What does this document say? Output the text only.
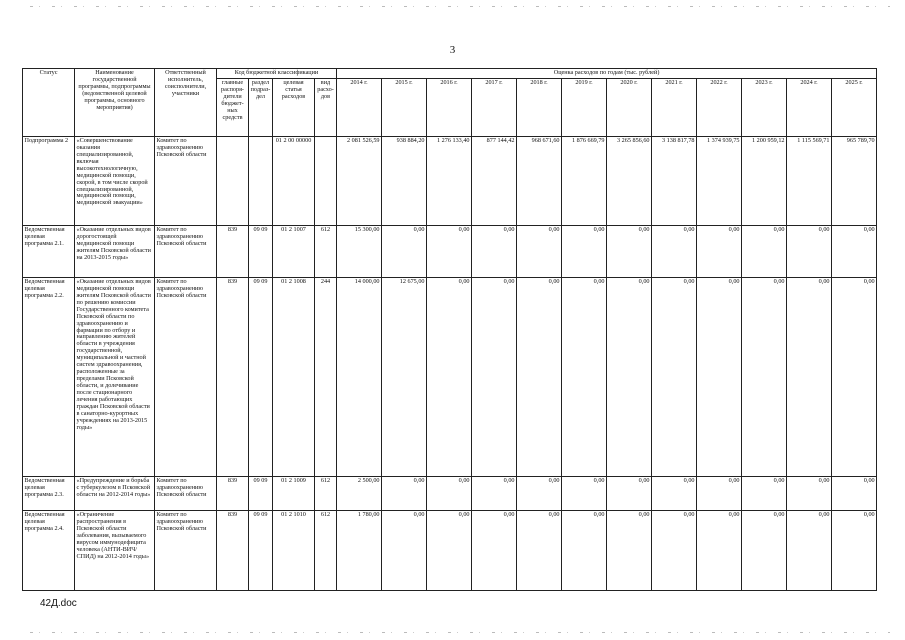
3
Статус	Наименование государственной программы, подпрограммы (ведомственной целевой программы, основного мероприятия)	Ответственный исполнитель, соисполнители, участники	Код бюджетной классификации				Оценка расходов по годам (тыс. рублей)											
			главные распоря-дители бюджет-ных средств	раздел подраз-дел	целевая статья расходов	вид расхо-дов	2014 г.	2015 г.	2016 г.	2017 г.	2018 г.	2019 г.	2020 г.	2021 г.	2022 г.	2023 г.	2024 г.	2025 г.
Подпрограмма 2	«Совершенствование оказания специализированной, включая высокотехнологичную, медицинской помощи, скорой, в том числе скорой специализированной, медицинской помощи, медицинской эвакуации»	Комитет по здравоохранению Псковской области			01 2 00 00000		2 081 526,59	938 884,20	1 276 133,40	877 144,42	968 671,60	1 876 669,79	3 265 856,60	3 138 817,78	1 374 939,75	1 200 959,12	1 115 569,71	965 789,70
Ведомственная целевая программа 2.1.	«Оказание отдельных видов дорогостоящей медицинской помощи жителям Псковской области на 2013-2015 годы»	Комитет по здравоохранению Псковской области	839	09 09	01 2 1007	612	15 300,00	0,00	0,00	0,00	0,00	0,00	0,00	0,00	0,00	0,00	0,00	0,00
Ведомственная целевая программа 2.2.	«Оказание отдельных видов медицинской помощи жителям Псковской области по решению комиссии Государственного комитета Псковской области по здравоохранению и фармации по отбору и направлению жителей области в учреждения государственной, муниципальной и частной систем здравоохранения, расположенные за пределами Псковской области, и долечивание после стационарного лечения работающих граждан Псковской области в санаторно-курортных учреждениях на 2013-2015 годы»	Комитет по здравоохранению Псковской области	839	09 09	01 2 1008	244	14 000,00	12 675,00	0,00	0,00	0,00	0,00	0,00	0,00	0,00	0,00	0,00	0,00
Ведомственная целевая программа 2.3.	«Предупреждение и борьба с туберкулезом в Псковской области на 2012-2014 годы»	Комитет по здравоохранению Псковской области	839	09 09	01 2 1009	612	2 500,00	0,00	0,00	0,00	0,00	0,00	0,00	0,00	0,00	0,00	0,00	0,00
Ведомственная целевая программа 2.4.	«Ограничение распространения в Псковской области заболевания, вызываемого вирусом иммунодефицита человека (АНТИ-ВИЧ/СПИД) на 2012-2014 годы»	Комитет по здравоохранению Псковской области	839	09 09	01 2 1010	612	1 780,00	0,00	0,00	0,00	0,00	0,00	0,00	0,00	0,00	0,00	0,00	0,00
42Д.doc
